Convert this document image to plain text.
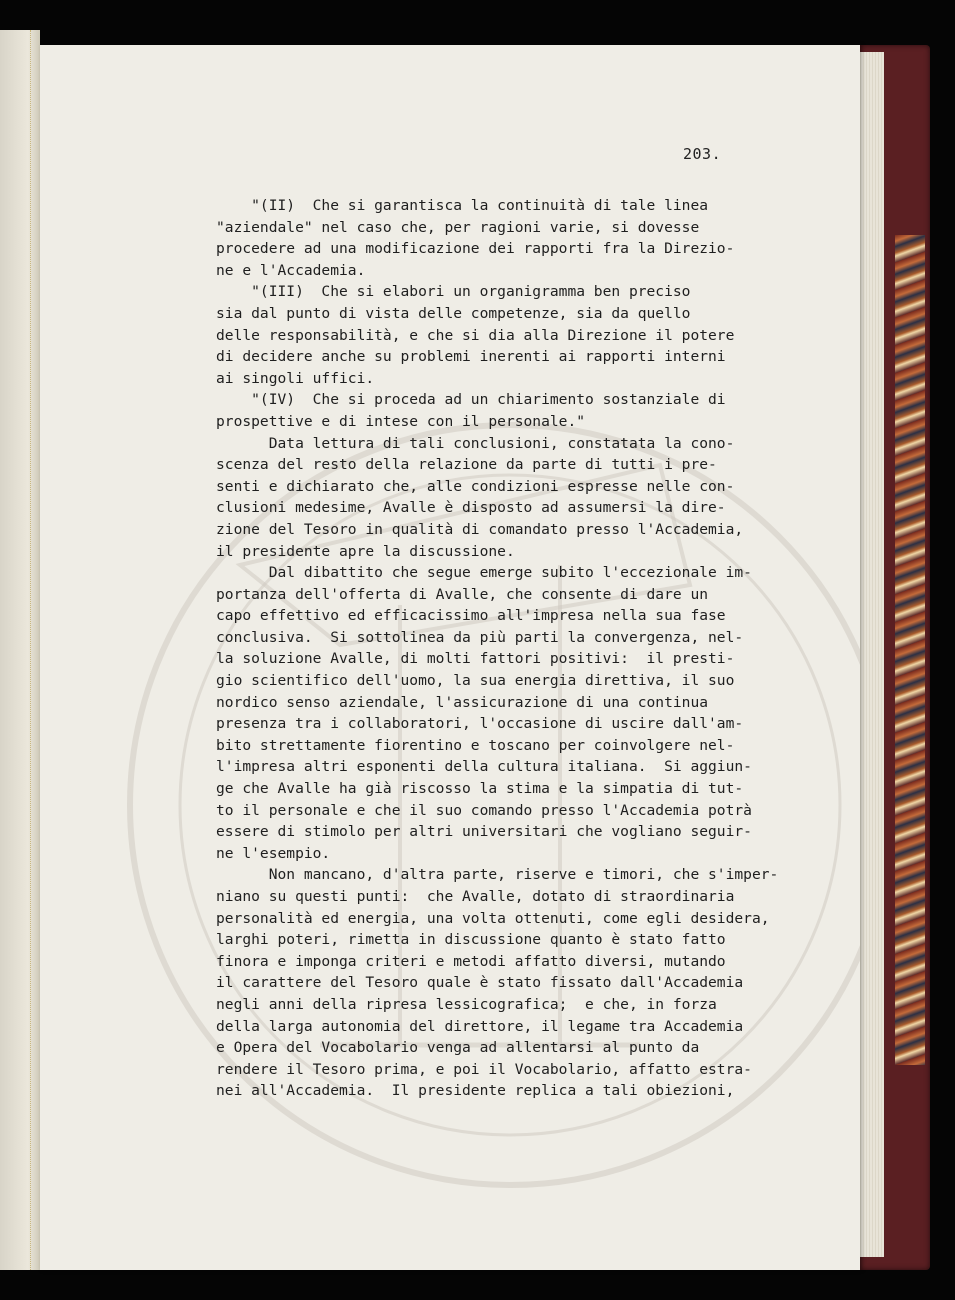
203.
"(II)  Che si garantisca la continuità di tale linea
"aziendale" nel caso che, per ragioni varie, si dovesse
procedere ad una modificazione dei rapporti fra la Direzio-
ne e l'Accademia.
"(III)  Che si elabori un organigramma ben preciso
sia dal punto di vista delle competenze, sia da quello
delle responsabilità, e che si dia alla Direzione il potere
di decidere anche su problemi inerenti ai rapporti interni
ai singoli uffici.
"(IV)  Che si proceda ad un chiarimento sostanziale di
prospettive e di intese con il personale."
Data lettura di tali conclusioni, constatata la cono-
scenza del resto della relazione da parte di tutti i pre-
senti e dichiarato che, alle condizioni espresse nelle con-
clusioni medesime, Avalle è disposto ad assumersi la dire-
zione del Tesoro in qualità di comandato presso l'Accademia,
il presidente apre la discussione.
Dal dibattito che segue emerge subito l'eccezionale im-
portanza dell'offerta di Avalle, che consente di dare un
capo effettivo ed efficacissimo all'impresa nella sua fase
conclusiva.  Si sottolinea da più parti la convergenza, nel-
la soluzione Avalle, di molti fattori positivi:  il presti-
gio scientifico dell'uomo, la sua energia direttiva, il suo
nordico senso aziendale, l'assicurazione di una continua
presenza tra i collaboratori, l'occasione di uscire dall'am-
bito strettamente fiorentino e toscano per coinvolgere nel-
l'impresa altri esponenti della cultura italiana.  Si aggiun-
ge che Avalle ha già riscosso la stima e la simpatia di tut-
to il personale e che il suo comando presso l'Accademia potrà
essere di stimolo per altri universitari che vogliano seguir-
ne l'esempio.
Non mancano, d'altra parte, riserve e timori, che s'imper-
niano su questi punti:  che Avalle, dotato di straordinaria
personalità ed energia, una volta ottenuti, come egli desidera,
larghi poteri, rimetta in discussione quanto è stato fatto
finora e imponga criteri e metodi affatto diversi, mutando
il carattere del Tesoro quale è stato fissato dall'Accademia
negli anni della ripresa lessicografica;  e che, in forza
della larga autonomia del direttore, il legame tra Accademia
e Opera del Vocabolario venga ad allentarsi al punto da
rendere il Tesoro prima, e poi il Vocabolario, affatto estra-
nei all'Accademia.  Il presidente replica a tali obiezioni,
